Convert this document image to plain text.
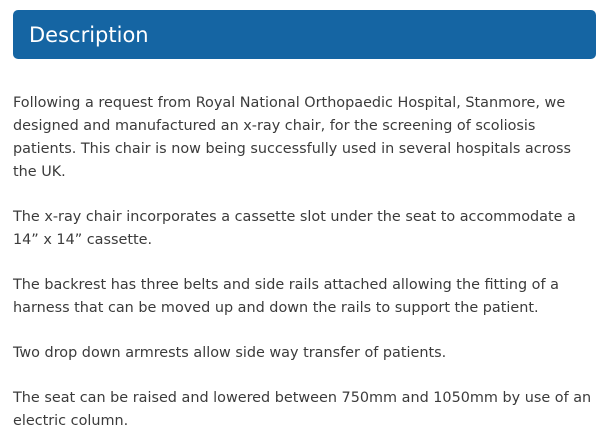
Description

Following a request from Royal National Orthopaedic Hospital, Stanmore, we designed and manufactured an x-ray chair, for the screening of scoliosis patients. This chair is now being successfully used in several hospitals across the UK.

The x-ray chair incorporates a cassette slot under the seat to accommodate a 14” x 14” cassette.

The backrest has three belts and side rails attached allowing the fitting of a harness that can be moved up and down the rails to support the patient.

Two drop down armrests allow side way transfer of patients.

The seat can be raised and lowered between 750mm and 1050mm by use of an electric column.
